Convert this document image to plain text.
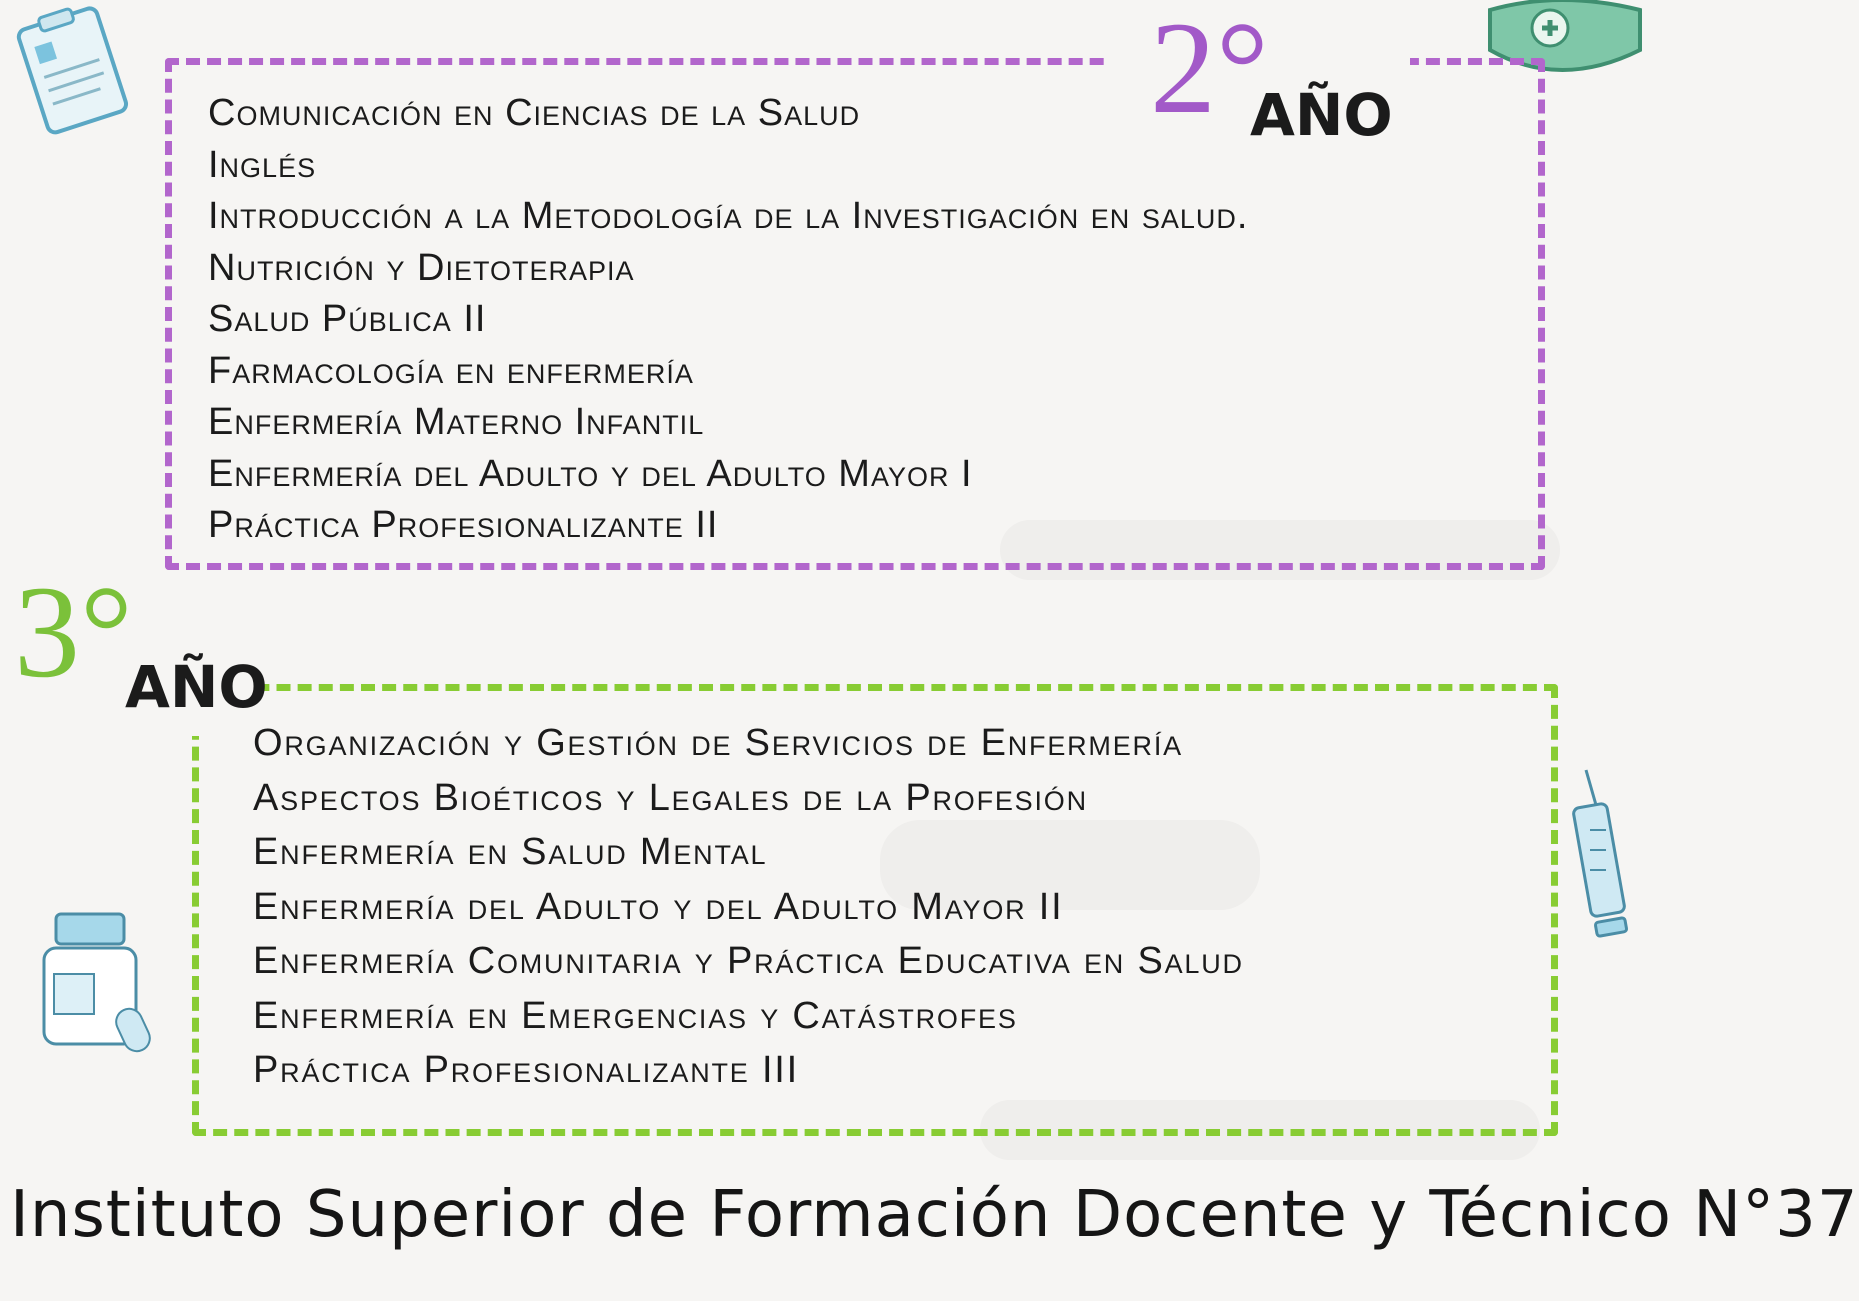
2°
AÑO
Comunicación en Ciencias de la Salud
Inglés
Introducción a la Metodología de la Investigación en salud.
Nutrición y Dietoterapia
Salud Pública II
Farmacología en enfermería
Enfermería Materno Infantil
Enfermería del Adulto y del Adulto Mayor I
Práctica Profesionalizante II
3°
AÑO
Organización y Gestión de Servicios de Enfermería
Aspectos Bioéticos y Legales de la Profesión
Enfermería en Salud Mental
Enfermería del Adulto y del Adulto Mayor II
Enfermería Comunitaria y Práctica Educativa en Salud
Enfermería en Emergencias y Catástrofes
Práctica Profesionalizante III
Instituto Superior de Formación Docente y Técnico N°37
